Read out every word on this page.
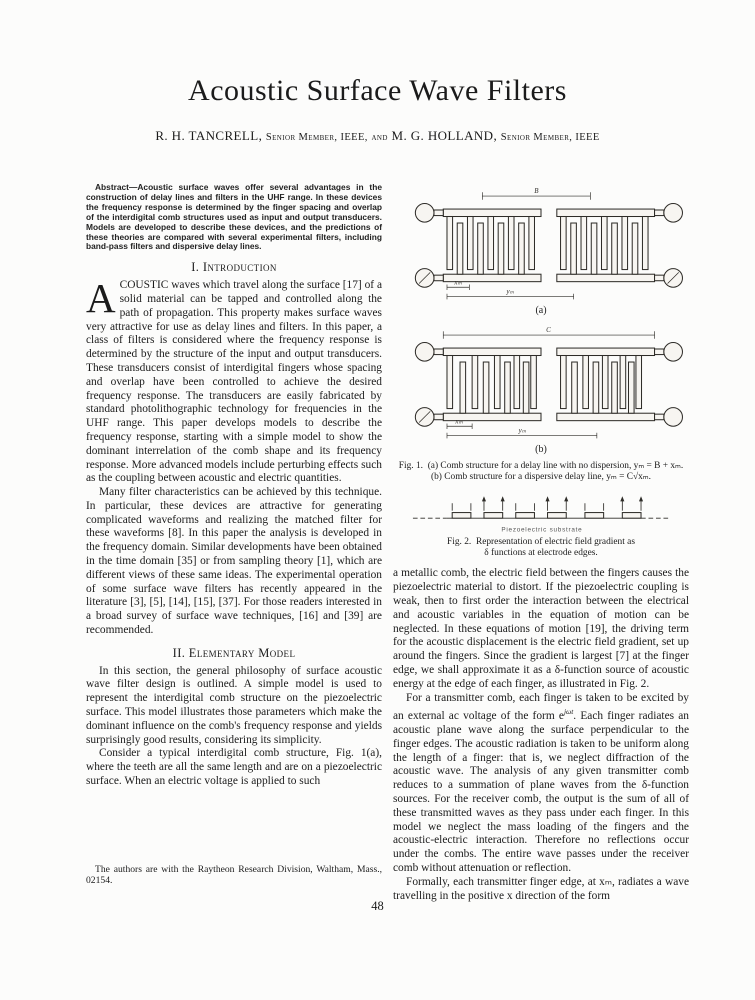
Acoustic Surface Wave Filters
R. H. TANCRELL, Senior Member, IEEE, and M. G. HOLLAND, Senior Member, IEEE

Abstract—Acoustic surface waves offer several advantages in the construction of delay lines and filters in the UHF range. In these devices the frequency response is determined by the finger spacing and overlap of the interdigital comb structures used as input and output transducers. Models are developed to describe these devices, and the predictions of these theories are compared with several experimental filters, including band-pass filters and dispersive delay lines.

I. Introduction

ACOUSTIC waves which travel along the surface [17] of a solid material can be tapped and controlled along the path of propagation. This property makes surface waves very attractive for use as delay lines and filters. In this paper, a class of filters is considered where the frequency response is determined by the structure of the input and output transducers. These transducers consist of interdigital fingers whose spacing and overlap have been controlled to achieve the desired frequency response. The transducers are easily fabricated by standard photolithographic technology for frequencies in the UHF range. This paper develops models to describe the frequency response, starting with a simple model to show the dominant interrelation of the comb shape and its frequency response. More advanced models include perturbing effects such as the coupling between acoustic and electric quantities.

Many filter characteristics can be achieved by this technique. In particular, these devices are attractive for generating complicated waveforms and realizing the matched filter for these waveforms [8]. In this paper the analysis is developed in the frequency domain. Similar developments have been obtained in the time domain [35] or from sampling theory [1], which are different views of these same ideas. The experimental operation of some surface wave filters has recently appeared in the literature [3], [5], [14], [15], [37]. For those readers interested in a broad survey of surface wave techniques, [16] and [39] are recommended.

II. Elementary Model

In this section, the general philosophy of surface acoustic wave filter design is outlined. A simple model is used to represent the interdigital comb structure on the piezoelectric surface. This model illustrates those parameters which make the dominant influence on the comb's frequency response and yields surprisingly good results, considering its simplicity.

Consider a typical interdigital comb structure, Fig. 1(a), where the teeth are all the same length and are on a piezoelectric surface. When an electric voltage is applied to such

The authors are with the Raytheon Research Division, Waltham, Mass., 02154.
B
xₘ
yₘ
(a)
C
xₘ
yₘ
(b)
Fig. 1. (a) Comb structure for a delay line with no dispersion, yₘ = B + xₘ.
(b) Comb structure for a dispersive delay line, yₘ = C√xₘ.
Piezoelectric substrate
Fig. 2. Representation of electric field gradient as
δ functions at electrode edges.

a metallic comb, the electric field between the fingers causes the piezoelectric material to distort. If the piezoelectric coupling is weak, then to first order the interaction between the electrical and acoustic variables in the equation of motion can be neglected. In these equations of motion [19], the driving term for the acoustic displacement is the electric field gradient, set up around the fingers. Since the gradient is largest [7] at the finger edge, we shall approximate it as a δ-function source of acoustic energy at the edge of each finger, as illustrated in Fig. 2.

For a transmitter comb, each finger is taken to be excited by an external ac voltage of the form $e^{j\omega t}$. Each finger radiates an acoustic plane wave along the surface perpendicular to the finger edges. The acoustic radiation is taken to be uniform along the length of a finger: that is, we neglect diffraction of the acoustic wave. The analysis of any given transmitter comb reduces to a summation of plane waves from the δ-function sources. For the receiver comb, the output is the sum of all of these transmitted waves as they pass under each finger. In this model we neglect the mass loading of the fingers and the acoustic-electric interaction. Therefore no reflections occur under the combs. The entire wave passes under the receiver comb without attenuation or reflection.

Formally, each transmitter finger edge, at xₘ, radiates a wave travelling in the positive x direction of the form

48
